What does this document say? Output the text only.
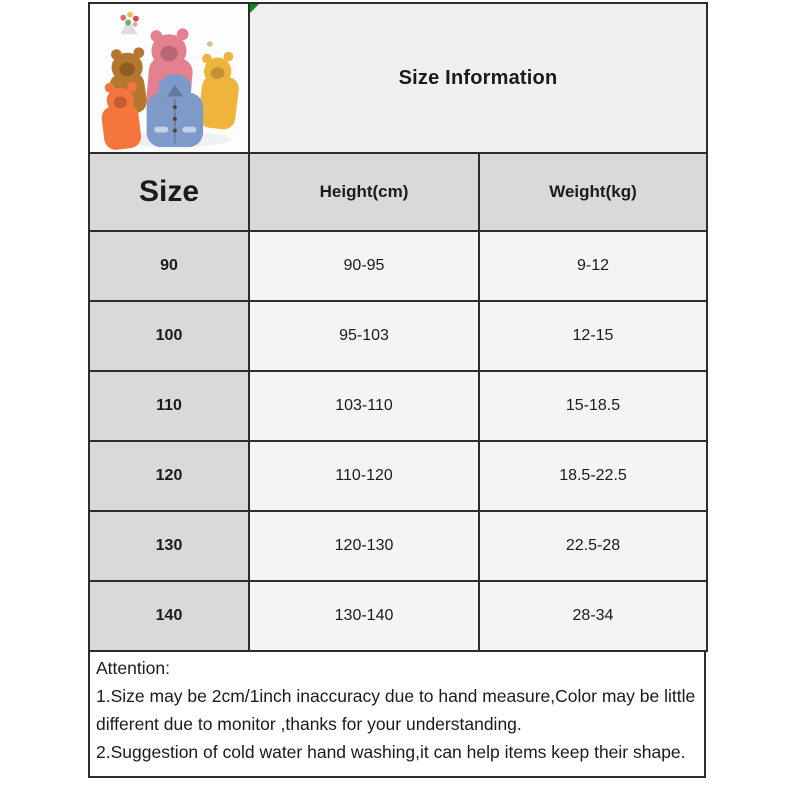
Size Information	
Size	Height(cm)	Weight(kg)
90	90-95	9-12
100	95-103	12-15
110	103-110	15-18.5
120	110-120	18.5-22.5
130	120-130	22.5-28
140	130-140	28-34
Attention:
1.Size may be 2cm/1inch inaccuracy due to hand measure,Color may be little different due to monitor ,thanks for your understanding.
2.Suggestion of cold water hand washing,it can help items keep their shape.
